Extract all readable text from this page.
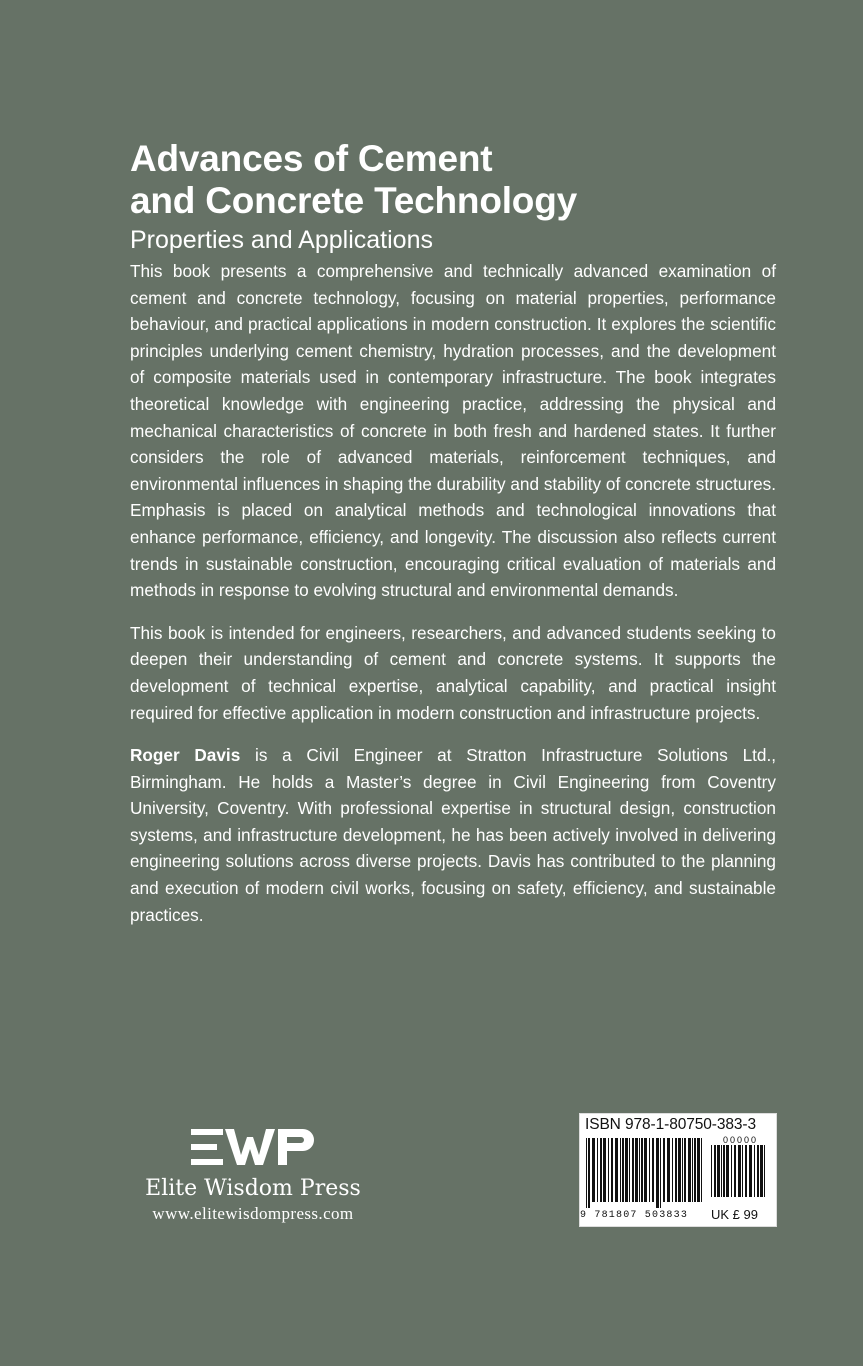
Advances of Cement
and Concrete Technology
Properties and Applications

This book presents a comprehensive and technically advanced examination of cement and concrete technology, focusing on material properties, performance behaviour, and practical applications in modern construction. It explores the scientific principles underlying cement chemistry, hydration processes, and the development of composite materials used in contemporary infrastructure. The book integrates theoretical knowledge with engineering practice, addressing the physical and mechanical characteristics of concrete in both fresh and hardened states. It further considers the role of advanced materials, reinforcement techniques, and environmental influences in shaping the durability and stability of concrete structures. Emphasis is placed on analytical methods and technological innovations that enhance performance, efficiency, and longevity. The discussion also reflects current trends in sustainable construction, encouraging critical evaluation of materials and methods in response to evolving structural and environmental demands.

This book is intended for engineers, researchers, and advanced students seeking to deepen their understanding of cement and concrete systems. It supports the development of technical expertise, analytical capability, and practical insight required for effective application in modern construction and infrastructure projects.

Roger Davis is a Civil Engineer at Stratton Infrastructure Solutions Ltd., Birmingham. He holds a Master’s degree in Civil Engineering from Coventry University, Coventry. With professional expertise in structural design, construction systems, and infrastructure development, he has been actively involved in delivering engineering solutions across diverse projects. Davis has contributed to the planning and execution of modern civil works, focusing on safety, efficiency, and sustainable practices.

Elite Wisdom Press
www.elitewisdompress.com
ISBN 978-1-80750-383-3
00000
9 781807 503833 UK £ 99
